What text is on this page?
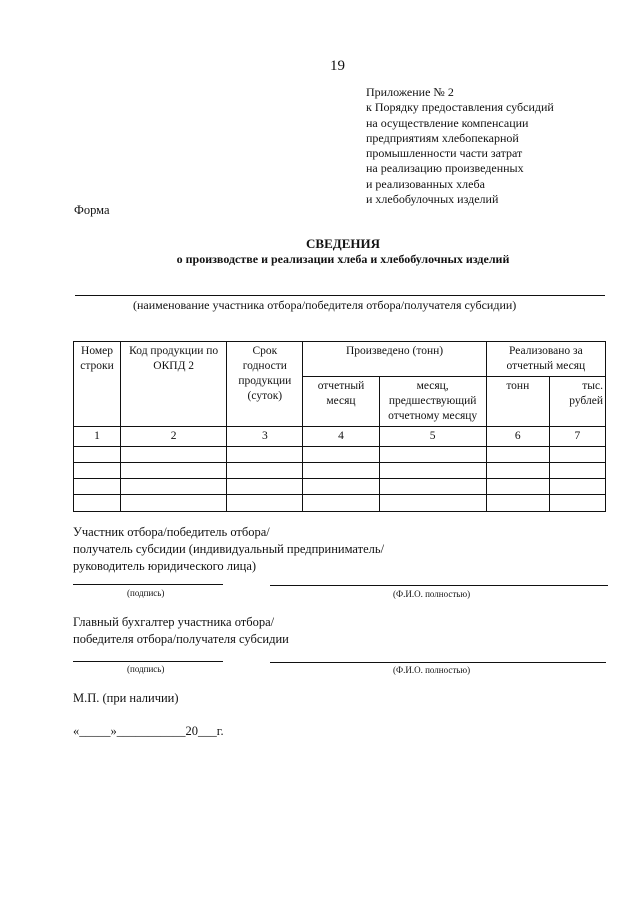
19
Приложение № 2
к Порядку предоставления субсидий
на осуществление компенсации
предприятиям хлебопекарной
промышленности части затрат
на реализацию произведенных
и реализованных хлеба
и хлебобулочных изделий
Форма
СВЕДЕНИЯ
о производстве и реализации хлеба и хлебобулочных изделий
(наименование участника отбора/победителя отбора/получателя субсидии)
Номер строки	Код продукции по ОКПД 2	Срок годности продукции (суток)	Произведено (тонн)		Реализовано за отчетный месяц	
			отчетный месяц	месяц, предшествующий отчетному месяцу	тонн	тыс. рублей
1	2	3	4	5	6	7

Участник отбора/победитель отбора/
получатель субсидии (индивидуальный предприниматель/
руководитель юридического лица)
(подпись)	(Ф.И.О. полностью)
Главный бухгалтер участника отбора/
победителя отбора/получателя субсидии
(подпись)	(Ф.И.О. полностью)
М.П. (при наличии)
«_____»___________20___г.
